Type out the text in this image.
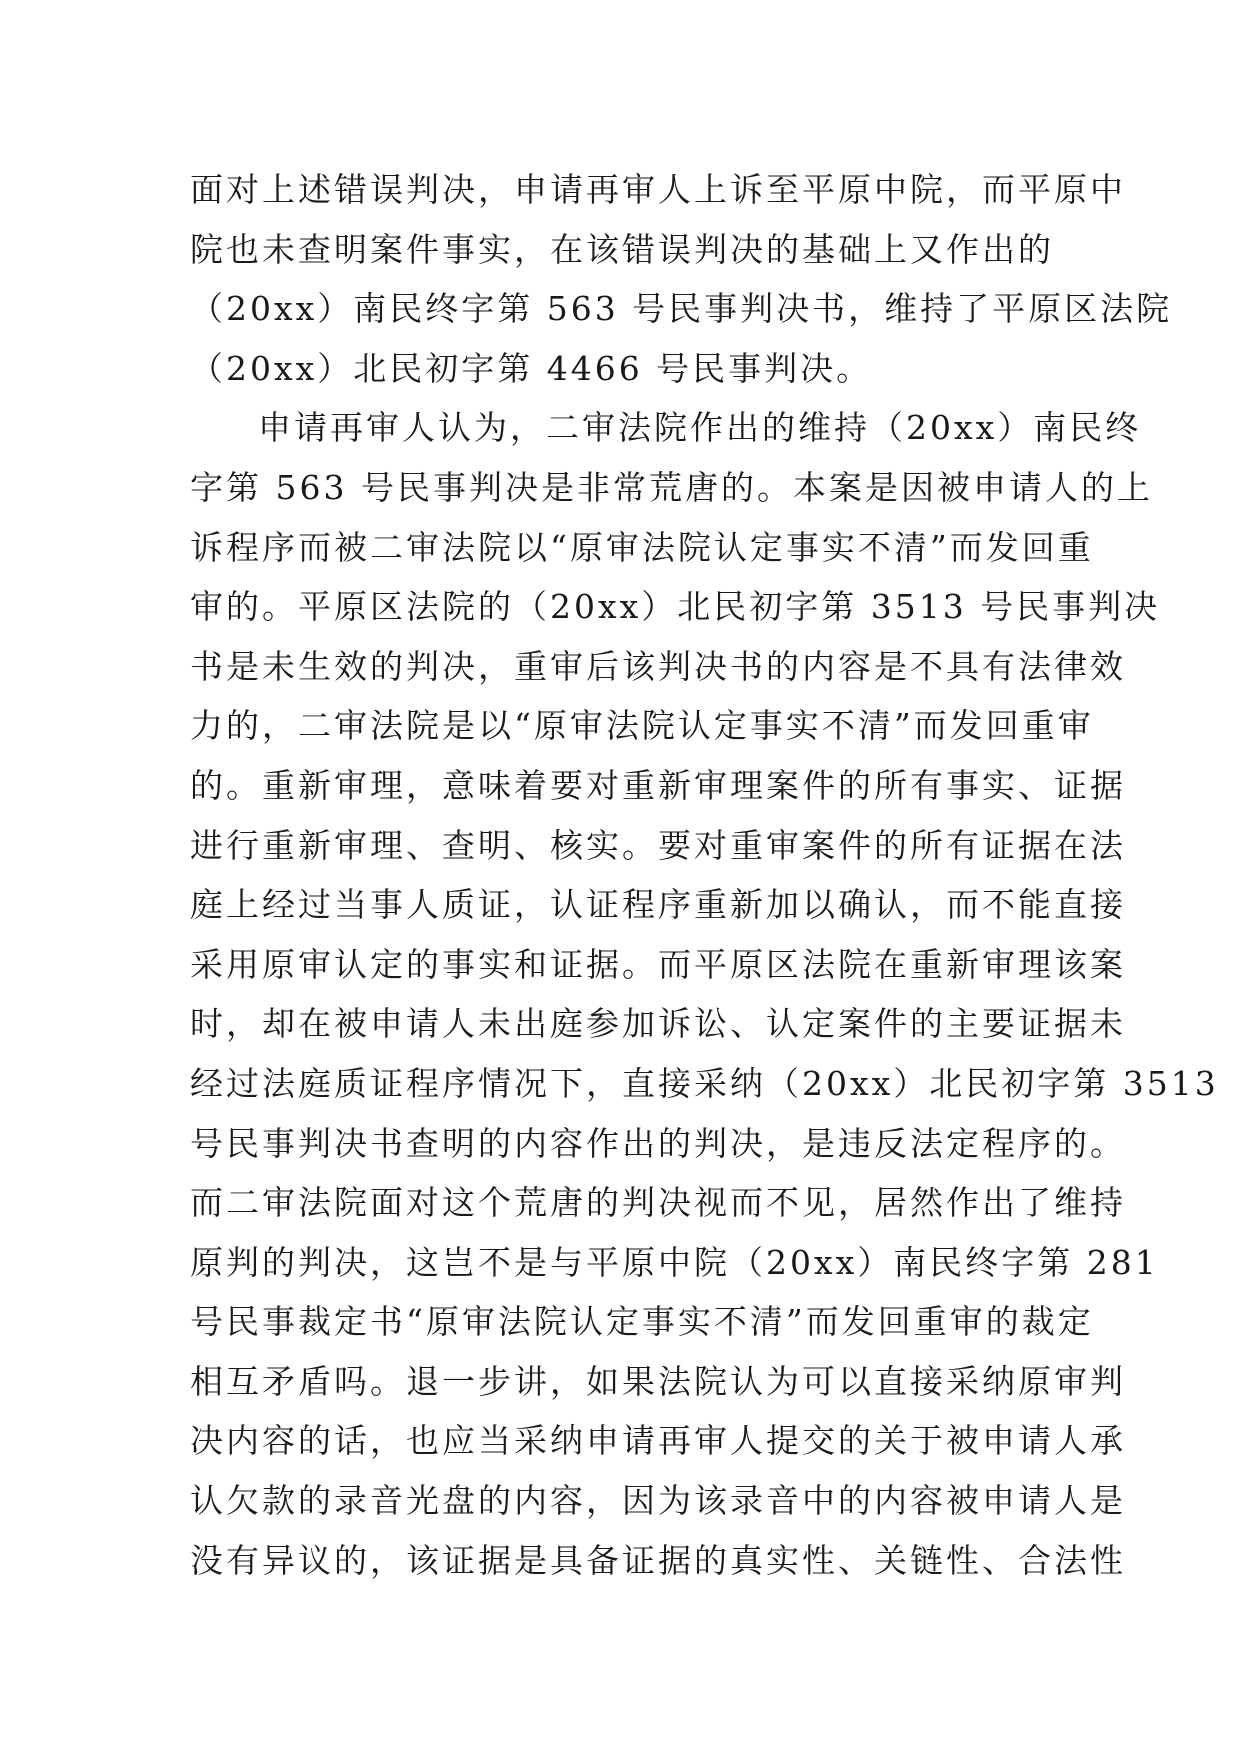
面对上述错误判决，申请再审人上诉至平原中院，而平原中
院也未查明案件事实，在该错误判决的基础上又作出的
（20xx）南民终字第 563 号民事判决书，维持了平原区法院
（20xx）北民初字第 4466 号民事判决。
申请再审人认为，二审法院作出的维持（20xx）南民终
字第 563 号民事判决是非常荒唐的。本案是因被申请人的上
诉程序而被二审法院以“原审法院认定事实不清”而发回重
审的。平原区法院的（20xx）北民初字第 3513 号民事判决
书是未生效的判决，重审后该判决书的内容是不具有法律效
力的，二审法院是以“原审法院认定事实不清”而发回重审
的。重新审理，意味着要对重新审理案件的所有事实、证据
进行重新审理、查明、核实。要对重审案件的所有证据在法
庭上经过当事人质证，认证程序重新加以确认，而不能直接
采用原审认定的事实和证据。而平原区法院在重新审理该案
时，却在被申请人未出庭参加诉讼、认定案件的主要证据未
经过法庭质证程序情况下，直接采纳（20xx）北民初字第 3513
号民事判决书查明的内容作出的判决，是违反法定程序的。
而二审法院面对这个荒唐的判决视而不见，居然作出了维持
原判的判决，这岂不是与平原中院（20xx）南民终字第 281
号民事裁定书“原审法院认定事实不清”而发回重审的裁定
相互矛盾吗。退一步讲，如果法院认为可以直接采纳原审判
决内容的话，也应当采纳申请再审人提交的关于被申请人承
认欠款的录音光盘的内容，因为该录音中的内容被申请人是
没有异议的，该证据是具备证据的真实性、关链性、合法性
